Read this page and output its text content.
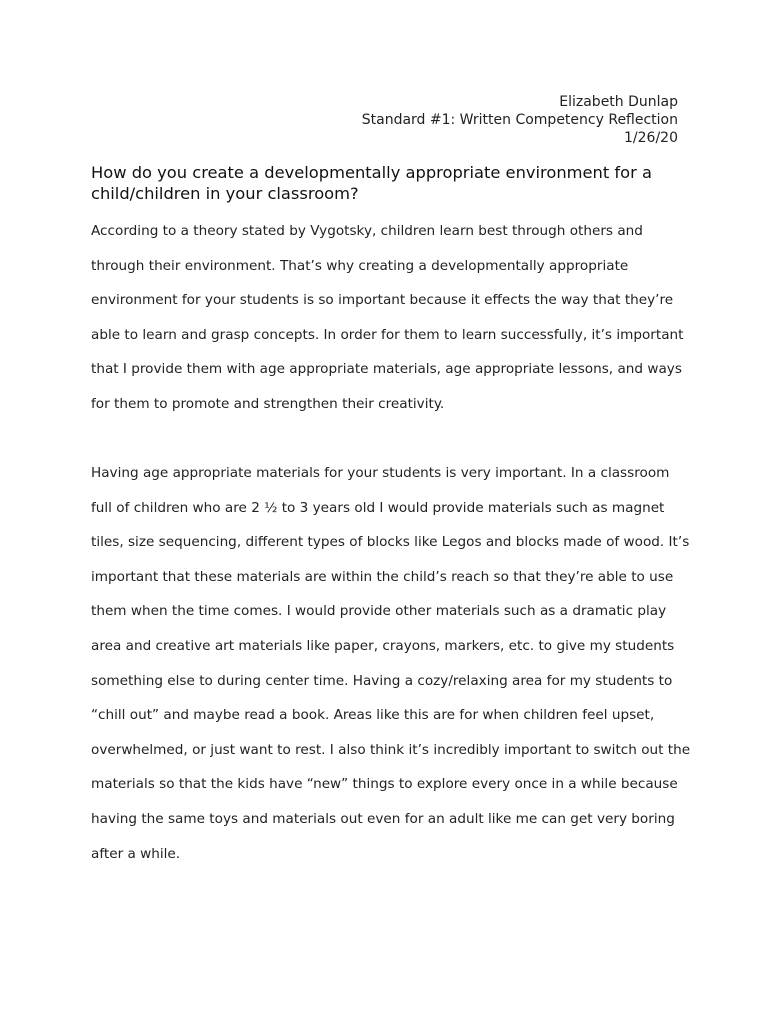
Elizabeth Dunlap
Standard #1: Written Competency Reflection
1/26/20
How do you create a developmentally appropriate environment for a child/children in your classroom?

According to a theory stated by Vygotsky, children learn best through others and through their environment. That’s why creating a developmentally appropriate environment for your students is so important because it effects the way that they’re able to learn and grasp concepts. In order for them to learn successfully, it’s important that I provide them with age appropriate materials, age appropriate lessons, and ways for them to promote and strengthen their creativity.

Having age appropriate materials for your students is very important. In a classroom full of children who are 2 ½ to 3 years old I would provide materials such as magnet tiles, size sequencing, different types of blocks like Legos and blocks made of wood. It’s important that these materials are within the child’s reach so that they’re able to use them when the time comes. I would provide other materials such as a dramatic play area and creative art materials like paper, crayons, markers, etc. to give my students something else to during center time. Having a cozy/relaxing area for my students to “chill out” and maybe read a book. Areas like this are for when children feel upset, overwhelmed, or just want to rest. I also think it’s incredibly important to switch out the materials so that the kids have “new” things to explore every once in a while because having the same toys and materials out even for an adult like me can get very boring after a while.
